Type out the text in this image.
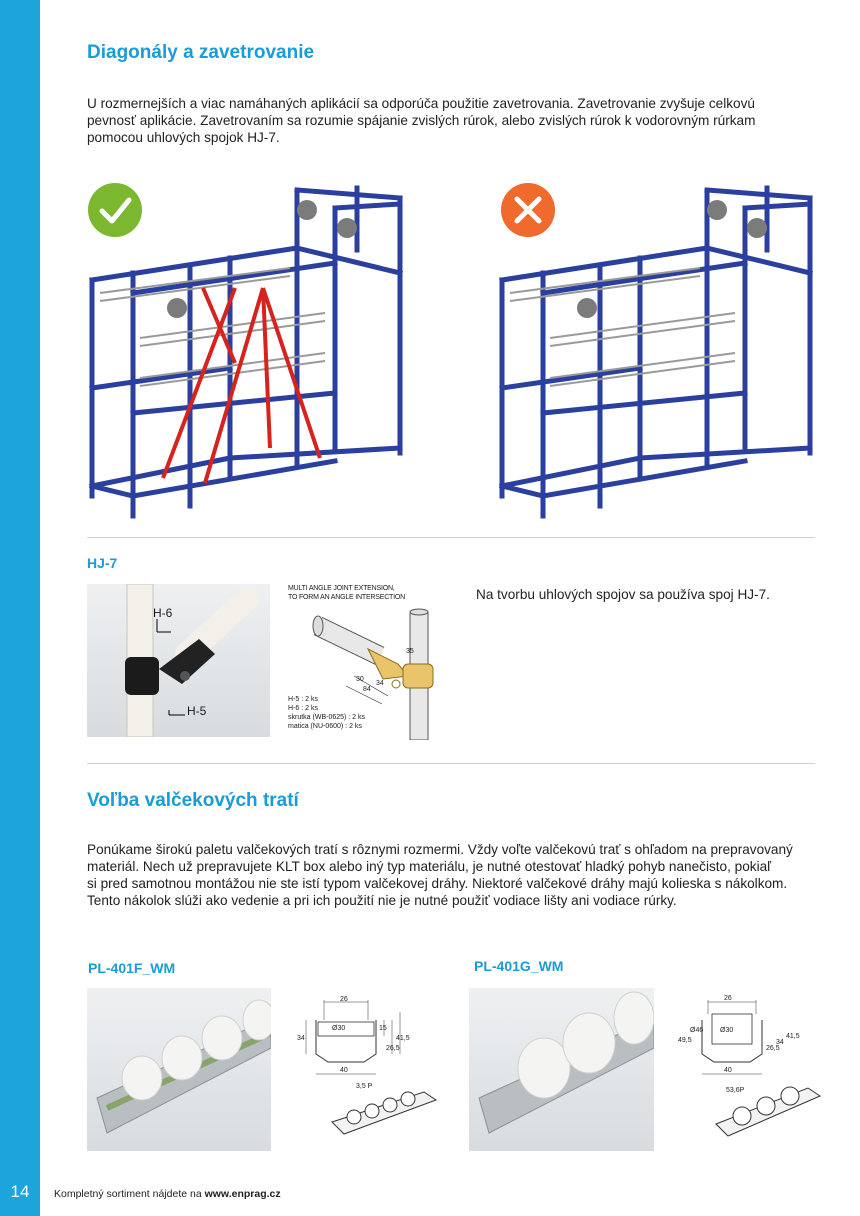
14
Diagonály a zavetrovanie
U rozmernejších a viac namáhaných aplikácií sa odporúča použitie zavetrovania. Zavetrovanie zvyšuje celkovú
pevnosť aplikácie. Zavetrovaním sa rozumie spájanie zvislých rúrok, alebo zvislých rúrok k vodorovným rúrkam
pomocou uhlových spojok HJ-7.
HJ-7
H-6
H-5
MULTI ANGLE JOINT EXTENSION,
TO FORM AN ANGLE INTERSECTION
35
30
34
84
H-5 : 2 ks
H-6 : 2 ks
skrutka (WB-0625) : 2 ks
matica (NU-0600) : 2 ks
Na tvorbu uhlových spojov sa používa spoj HJ-7.
Voľba valčekových tratí
Ponúkame širokú paletu valčekových tratí s rôznymi rozmermi. Vždy voľte valčekovú trať s ohľadom na prepravovaný
materiál. Nech už prepravujete KLT box alebo iný typ materiálu, je nutné otestovať hladký pohyb nanečisto, pokiaľ
si pred samotnou montážou nie ste istí typom valčekovej dráhy. Niektoré valčekové dráhy majú kolieska s nákolkom.
Tento nákolok slúži ako vedenie a pri ich použití nie je nutné použiť vodiace lišty ani vodiace rúrky.
PL-401F_WM
26
Ø30	15
26,5
41,5
34
40
3,5 P
PL-401G_WM
26
Ø46 Ø30
49,5
26,5
34
41,5
40
53,6P
Kompletný sortiment nájdete na www.enprag.cz
